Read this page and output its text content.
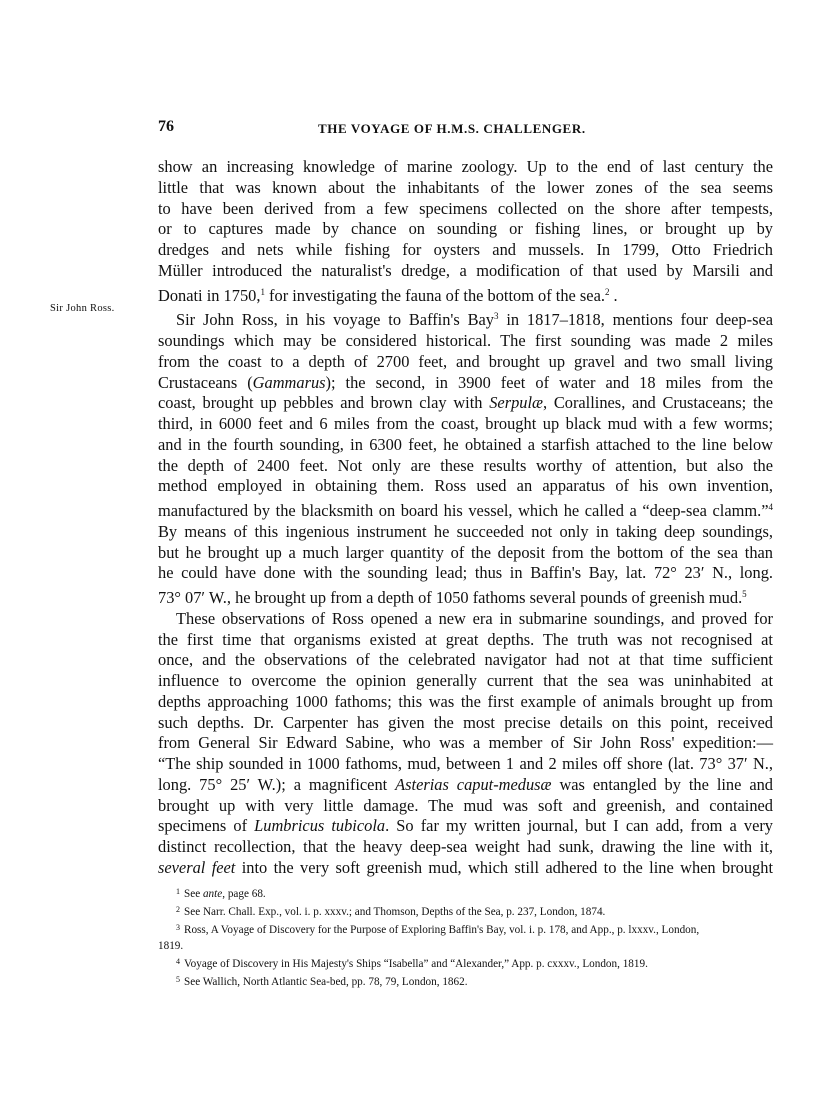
76	THE VOYAGE OF H.M.S. CHALLENGER.
Sir John Ross.
show an increasing knowledge of marine zoology. Up to the end of last century the
little that was known about the inhabitants of the lower zones of the sea seems
to have been derived from a few specimens collected on the shore after tempests,
or to captures made by chance on sounding or fishing lines, or brought up by
dredges and nets while fishing for oysters and mussels. In 1799, Otto Friedrich
Müller introduced the naturalist's dredge, a modification of that used by Marsili and
Donati in 1750,$^1$ for investigating the fauna of the bottom of the sea.$^2$ .
Sir John Ross, in his voyage to Baffin's Bay$^3$ in 1817–1818, mentions four deep-sea
soundings which may be considered historical. The first sounding was made 2 miles
from the coast to a depth of 2700 feet, and brought up gravel and two small living
Crustaceans (Gammarus); the second, in 3900 feet of water and 18 miles from the
coast, brought up pebbles and brown clay with Serpulæ, Corallines, and Crustaceans; the
third, in 6000 feet and 6 miles from the coast, brought up black mud with a few worms;
and in the fourth sounding, in 6300 feet, he obtained a starfish attached to the line below
the depth of 2400 feet. Not only are these results worthy of attention, but also the
method employed in obtaining them. Ross used an apparatus of his own invention,
manufactured by the blacksmith on board his vessel, which he called a “deep-sea clamm.”$^4$
By means of this ingenious instrument he succeeded not only in taking deep soundings,
but he brought up a much larger quantity of the deposit from the bottom of the sea than
he could have done with the sounding lead; thus in Baffin's Bay, lat. 72° 23′ N., long.
73° 07′ W., he brought up from a depth of 1050 fathoms several pounds of greenish mud.$^5$
These observations of Ross opened a new era in submarine soundings, and proved for
the first time that organisms existed at great depths. The truth was not recognised at
once, and the observations of the celebrated navigator had not at that time sufficient
influence to overcome the opinion generally current that the sea was uninhabited at
depths approaching 1000 fathoms; this was the first example of animals brought up from
such depths. Dr. Carpenter has given the most precise details on this point, received
from General Sir Edward Sabine, who was a member of Sir John Ross' expedition:—
“The ship sounded in 1000 fathoms, mud, between 1 and 2 miles off shore (lat. 73° 37′ N.,
long. 75° 25′ W.); a magnificent Asterias caput-medusæ was entangled by the line and
brought up with very little damage. The mud was soft and greenish, and contained
specimens of Lumbricus tubicola. So far my written journal, but I can add, from a very
distinct recollection, that the heavy deep-sea weight had sunk, drawing the line with it,
several feet into the very soft greenish mud, which still adhered to the line when brought
$^1$ See ante, page 68.
$^2$ See Narr. Chall. Exp., vol. i. p. xxxv.; and Thomson, Depths of the Sea, p. 237, London, 1874.
$^3$ Ross, A Voyage of Discovery for the Purpose of Exploring Baffin's Bay, vol. i. p. 178, and App., p. lxxxv., London,
1819.
$^4$ Voyage of Discovery in His Majesty's Ships “Isabella” and “Alexander,” App. p. cxxxv., London, 1819.
$^5$ See Wallich, North Atlantic Sea-bed, pp. 78, 79, London, 1862.
